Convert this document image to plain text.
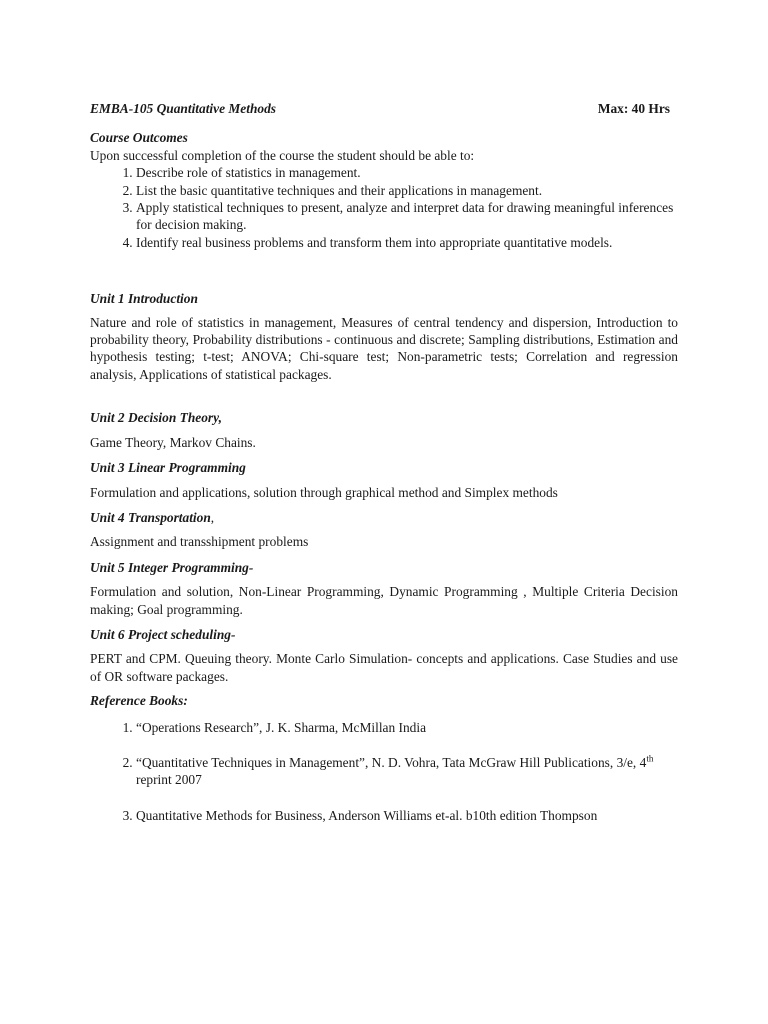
EMBA-105 Quantitative Methods	Max: 40 Hrs
Course Outcomes
Upon successful completion of the course the student should be able to:
1. Describe role of statistics in management.
2. List the basic quantitative techniques and their applications in management.
3. Apply statistical techniques to present, analyze and interpret data for drawing meaningful inferences for decision making.
4. Identify real business problems and transform them into appropriate quantitative models.
Unit 1 Introduction
Nature and role of statistics in management, Measures of central tendency and dispersion, Introduction to probability theory, Probability distributions - continuous and discrete; Sampling distributions, Estimation and hypothesis testing; t-test; ANOVA; Chi-square test; Non-parametric tests; Correlation and regression analysis, Applications of statistical packages.
Unit 2 Decision Theory,
Game Theory, Markov Chains.
Unit 3 Linear Programming
Formulation and applications, solution through graphical method and Simplex methods
Unit 4 Transportation,
Assignment and transshipment problems
Unit 5 Integer Programming-
Formulation and solution, Non-Linear Programming, Dynamic Programming , Multiple Criteria Decision making; Goal programming.
Unit 6 Project scheduling-
PERT and CPM. Queuing theory. Monte Carlo Simulation- concepts and applications. Case Studies and use of OR software packages.
Reference Books:
1. “Operations Research”, J. K. Sharma, McMillan India
2. “Quantitative Techniques in Management”, N. D. Vohra, Tata McGraw Hill Publications, 3/e, 4th reprint 2007
3. Quantitative Methods for Business, Anderson Williams et-al. b10th edition Thompson
